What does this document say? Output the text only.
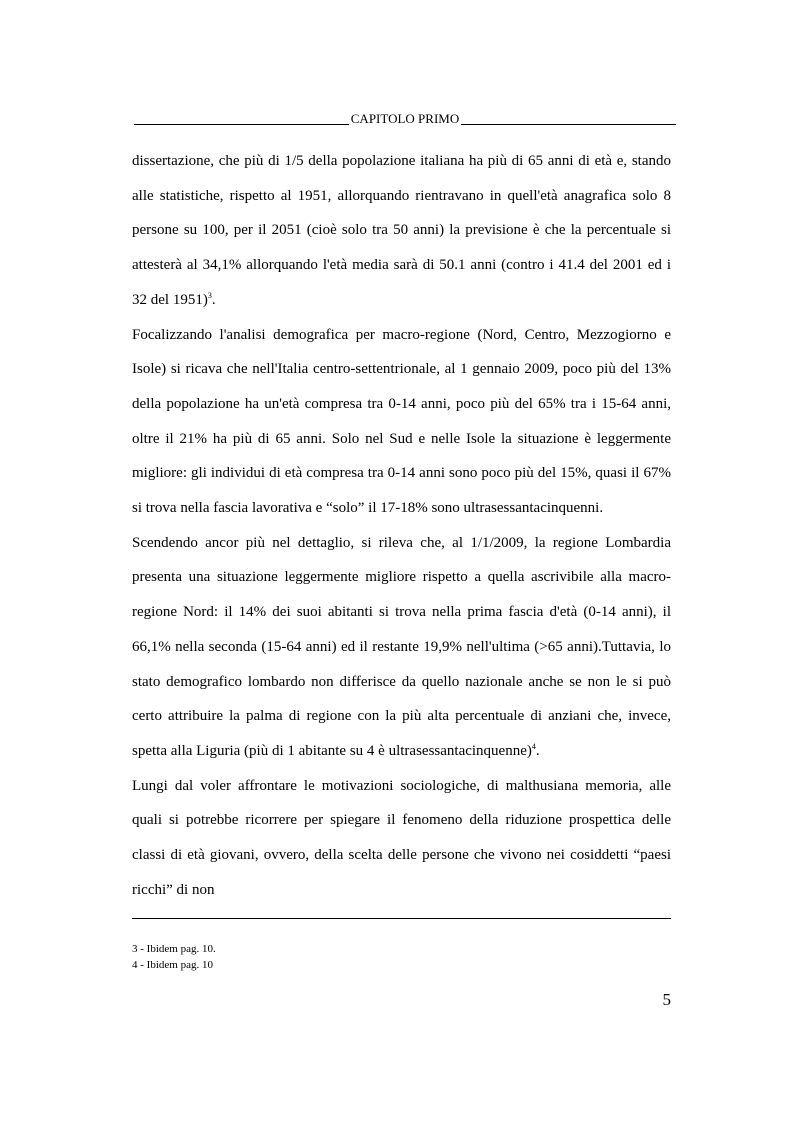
CAPITOLO PRIMO

dissertazione, che più di 1/5 della popolazione italiana ha più di 65 anni di età e, stando alle statistiche, rispetto al 1951, allorquando rientravano in quell'età anagrafica solo 8 persone su 100, per il 2051 (cioè solo tra 50 anni) la previsione è che la percentuale si attesterà al 34,1% allorquando l'età media sarà di 50.1 anni (contro i 41.4 del 2001 ed i 32 del 1951)$^3$.

Focalizzando l'analisi demografica per macro-regione (Nord, Centro, Mezzogiorno e Isole) si ricava che nell'Italia centro-settentrionale, al 1 gennaio 2009, poco più del 13% della popolazione ha un'età compresa tra 0-14 anni, poco più del 65% tra i 15-64 anni, oltre il 21% ha più di 65 anni. Solo nel Sud e nelle Isole la situazione è leggermente migliore: gli individui di età compresa tra 0-14 anni sono poco più del 15%, quasi il 67% si trova nella fascia lavorativa e “solo” il 17-18% sono ultrasessantacinquenni.

Scendendo ancor più nel dettaglio, si rileva che, al 1/1/2009, la regione Lombardia presenta una situazione leggermente migliore rispetto a quella ascrivibile alla macro-regione Nord: il 14% dei suoi abitanti si trova nella prima fascia d'età (0-14 anni), il 66,1% nella seconda (15-64 anni) ed il restante 19,9% nell'ultima (>65 anni).Tuttavia, lo stato demografico lombardo non differisce da quello nazionale anche se non le si può certo attribuire la palma di regione con la più alta percentuale di anziani che, invece, spetta alla Liguria (più di 1 abitante su 4 è ultrasessantacinquenne)$^4$.

Lungi dal voler affrontare le motivazioni sociologiche, di malthusiana memoria, alle quali si potrebbe ricorrere per spiegare il fenomeno della riduzione prospettica delle classi di età giovani, ovvero, della scelta delle persone che vivono nei cosiddetti “paesi ricchi” di non

3 - Ibidem pag. 10.
4 - Ibidem pag. 10
5
